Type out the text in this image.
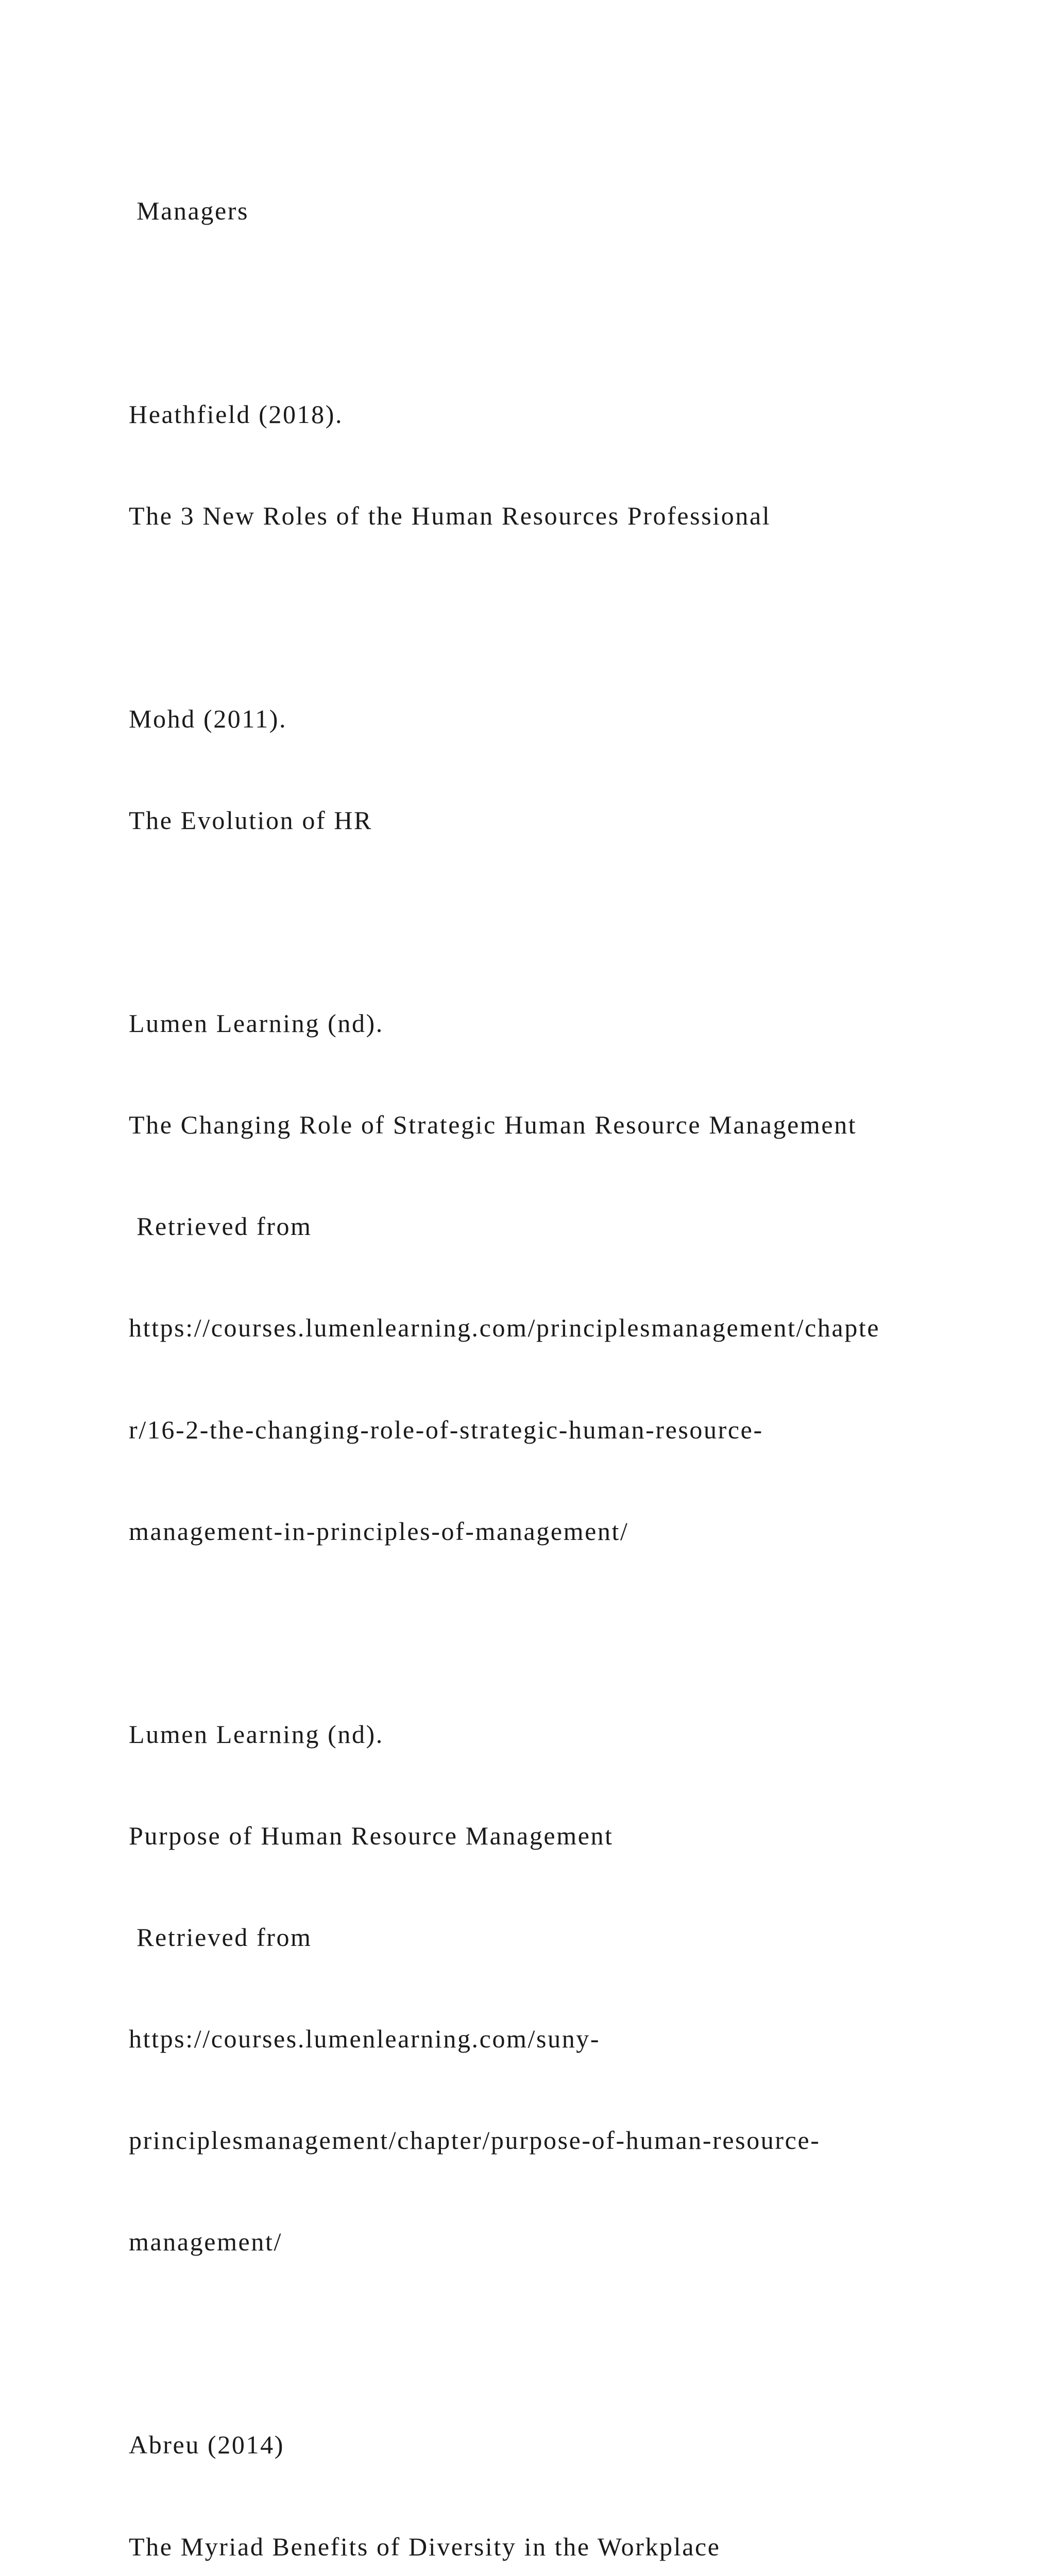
Managers

Heathfield (2018).

The 3 New Roles of the Human Resources Professional

Mohd (2011).

The Evolution of HR

Lumen Learning (nd).

The Changing Role of Strategic Human Resource Management

Retrieved from

https://courses.lumenlearning.com/principlesmanagement/chapte

r/16-2-the-changing-role-of-strategic-human-resource-

management-in-principles-of-management/

Lumen Learning (nd).

Purpose of Human Resource Management

Retrieved from

https://courses.lumenlearning.com/suny-

principlesmanagement/chapter/purpose-of-human-resource-

management/

Abreu (2014)

The Myriad Benefits of Diversity in the Workplace
